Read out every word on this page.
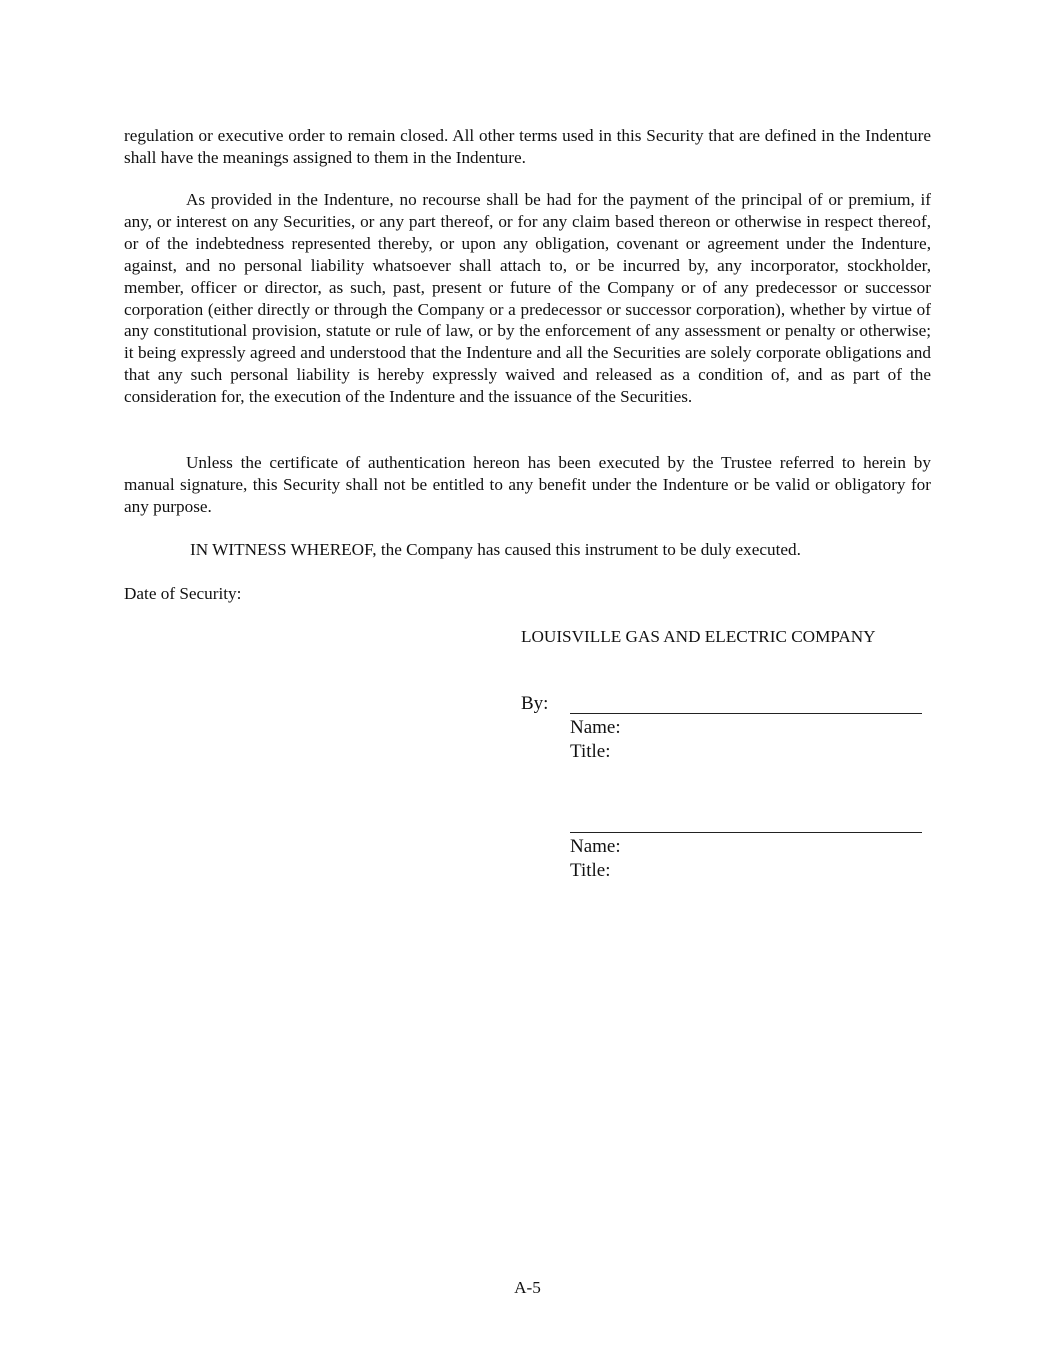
regulation or executive order to remain closed. All other terms used in this Security that are defined in the Indenture shall have the meanings assigned to them in the Indenture.

As provided in the Indenture, no recourse shall be had for the payment of the principal of or premium, if any, or interest on any Securities, or any part thereof, or for any claim based thereon or otherwise in respect thereof, or of the indebtedness represented thereby, or upon any obligation, covenant or agreement under the Indenture, against, and no personal liability whatsoever shall attach to, or be incurred by, any incorporator, stockholder, member, officer or director, as such, past, present or future of the Company or of any predecessor or successor corporation (either directly or through the Company or a predecessor or successor corporation), whether by virtue of any constitutional provision, statute or rule of law, or by the enforcement of any assessment or penalty or otherwise; it being expressly agreed and understood that the Indenture and all the Securities are solely corporate obligations and that any such personal liability is hereby expressly waived and released as a condition of, and as part of the consideration for, the execution of the Indenture and the issuance of the Securities.

Unless the certificate of authentication hereon has been executed by the Trustee referred to herein by manual signature, this Security shall not be entitled to any benefit under the Indenture or be valid or obligatory for any purpose.

IN WITNESS WHEREOF, the Company has caused this instrument to be duly executed.
Date of Security:
LOUISVILLE GAS AND ELECTRIC COMPANY
By:
Name:
Title:
Name:
Title:
A-5
